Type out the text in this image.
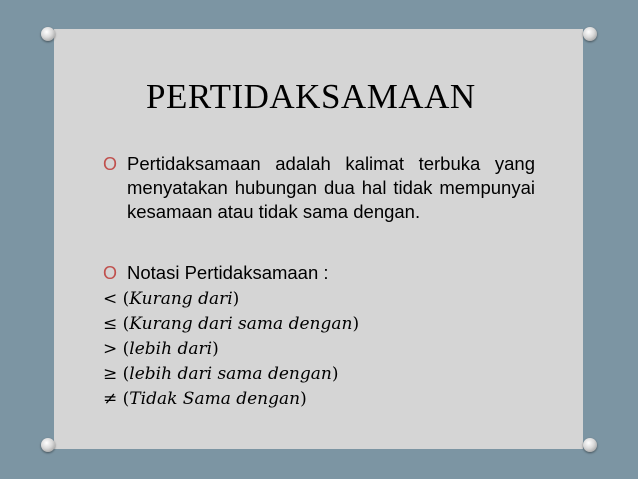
PERTIDAKSAMAAN
O Pertidaksamaan adalah kalimat terbuka yang menyatakan hubungan dua hal tidak mempunyai kesamaan atau tidak sama dengan.
O Notasi Pertidaksamaan :
< (Kurang dari)
≤ (Kurang dari sama dengan)
> (lebih dari)
≥ (lebih dari sama dengan)
≠ (Tidak Sama dengan)
